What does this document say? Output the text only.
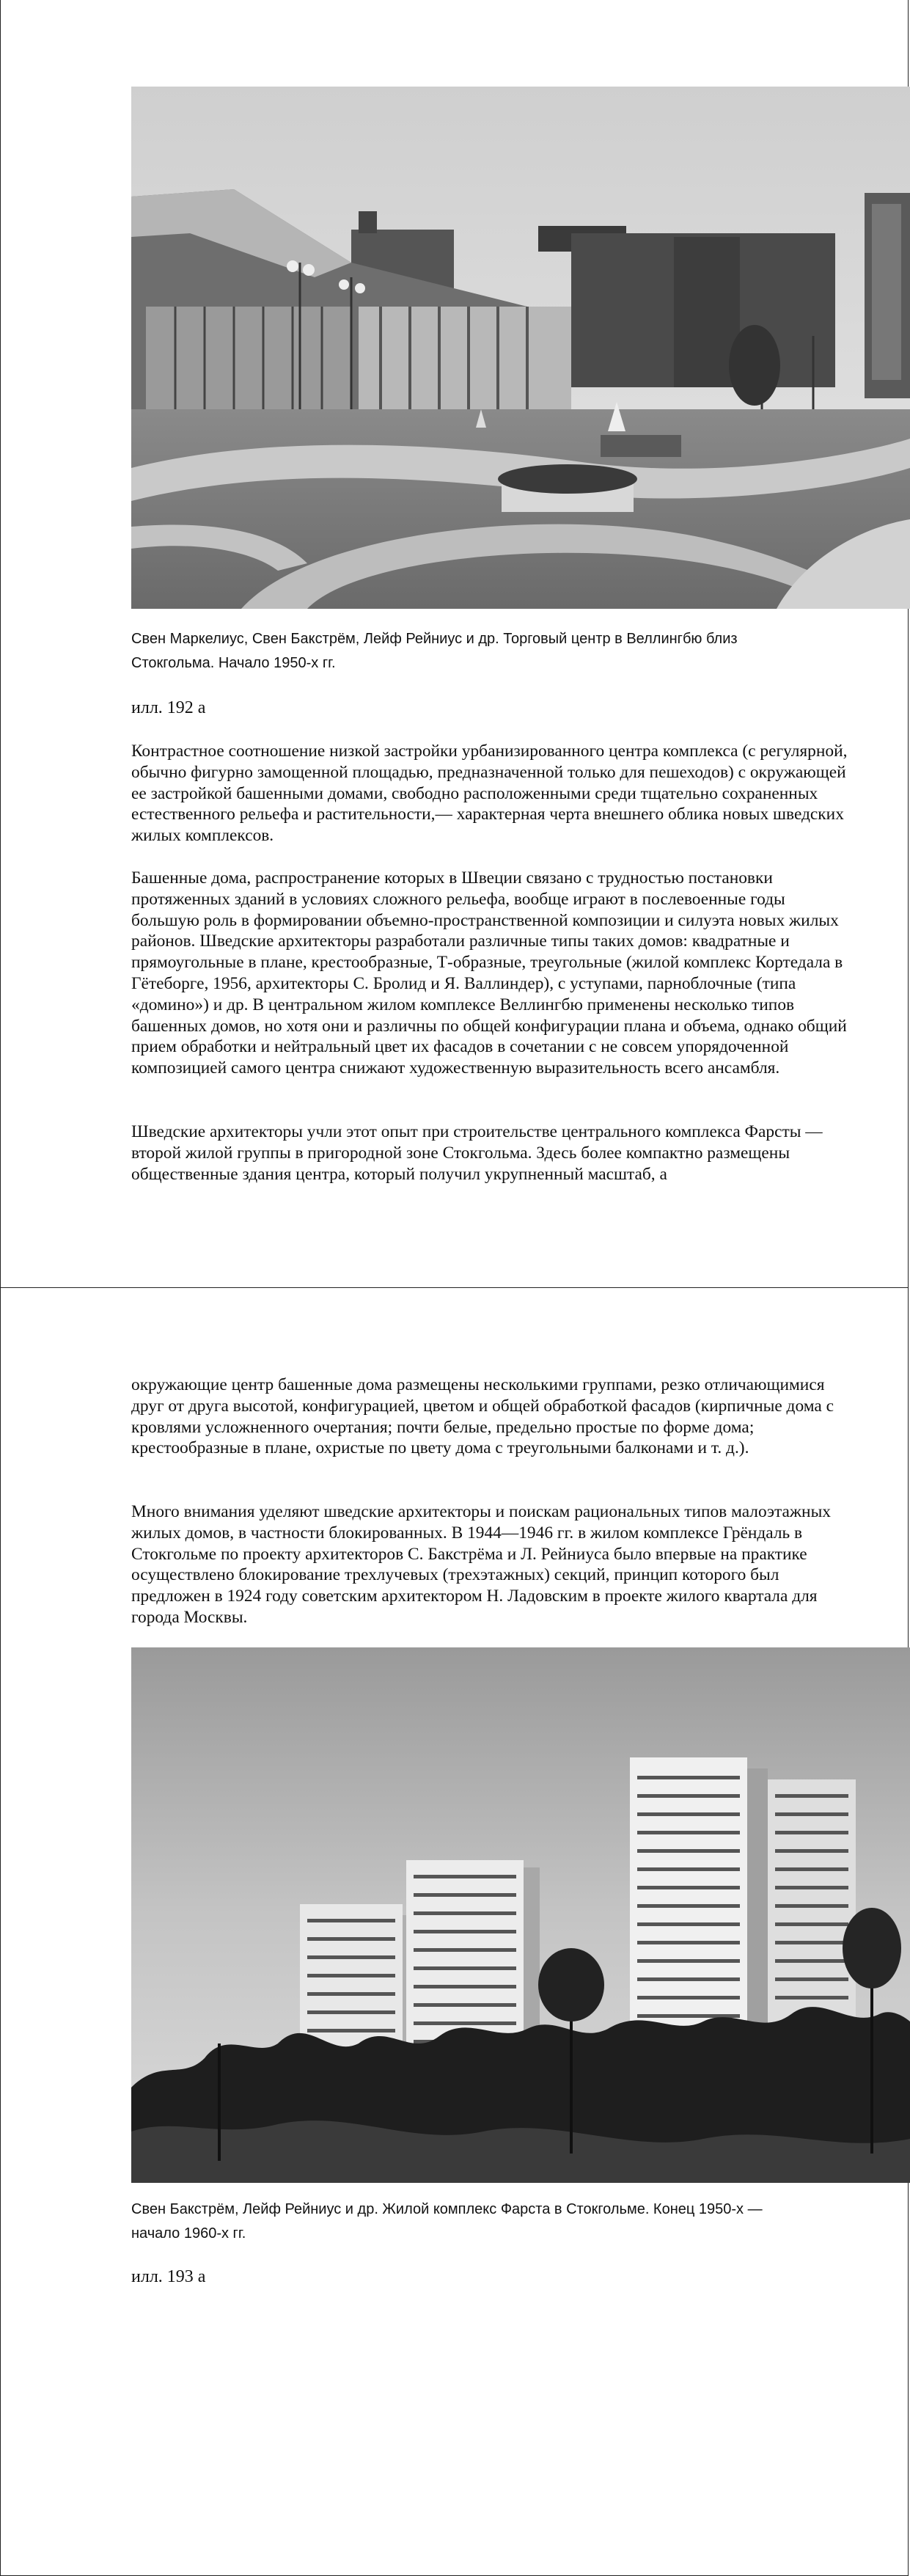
Свен Маркелиус, Свен Бакстрём, Лейф Рейниус и др. Торговый центр в Веллингбю близ Стокгольма. Начало 1950-х гг.
илл. 192 а

Контрастное соотношение низкой застройки урбанизированного центра комплекса (с регулярной, обычно фигурно замощенной площадью, предназначенной только для пешеходов) с окружающей ее застройкой башенными домами, свободно расположенными среди тщательно сохраненных естественного рельефа и растительности,— характерная черта внешнего облика новых шведских жилых комплексов.

Башенные дома, распространение которых в Швеции связано с трудностью постановки протяженных зданий в условиях сложного рельефа, вообще играют в послевоенные годы большую роль в формировании объемно-пространственной композиции и силуэта новых жилых районов. Шведские архитекторы разработали различные типы таких домов: квадратные и прямоугольные в плане, крестообразные, Т-образные, треугольные (жилой комплекс Кортедала в Гётеборге, 1956, архитекторы С. Бролид и Я. Валлиндер), с уступами, парноблочные (типа «домино») и др. В центральном жилом комплексе Веллингбю применены несколько типов башенных домов, но хотя они и различны по общей конфигурации плана и объема, однако общий прием обработки и нейтральный цвет их фасадов в сочетании с не совсем упорядоченной композицией самого центра снижают художественную выразительность всего ансамбля.

Шведские архитекторы учли этот опыт при строительстве центрального комплекса Фарсты — второй жилой группы в пригородной зоне Стокгольма. Здесь более компактно размещены общественные здания центра, который получил укрупненный масштаб, а

окружающие центр башенные дома размещены несколькими группами, резко отличающимися друг от друга высотой, конфигурацией, цветом и общей обработкой фасадов (кирпичные дома с кровлями усложненного очертания; почти белые, предельно простые по форме дома; крестообразные в плане, охристые по цвету дома с треугольными балконами и т. д.).

Много внимания уделяют шведские архитекторы и поискам рациональных типов малоэтажных жилых домов, в частности блокированных. В 1944—1946 гг. в жилом комплексе Грёндаль в Стокгольме по проекту архитекторов С. Бакстрёма и Л. Рейниуса было впервые на практике осуществлено блокирование трехлучевых (трехэтажных) секций, принцип которого был предложен в 1924 году советским архитектором Н. Ладовским в проекте жилого квартала для города Москвы.

Свен Бакстрём, Лейф Рейниус и др. Жилой комплекс Фарста в Стокгольме. Конец 1950-х — начало 1960-х гг.
илл. 193 а
